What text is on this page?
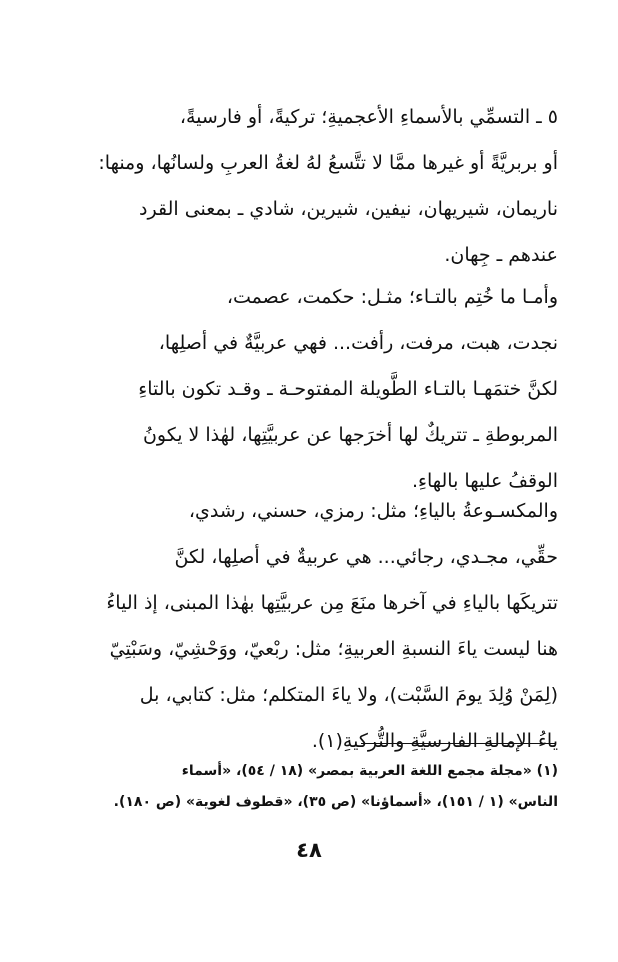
٥ ـ التسمِّي بالأسماءِ الأعجميةِ؛ تركيةً، أو فارسيةً،
أو بربريَّةً أو غيرها ممَّا لا تتَّسعُ لهُ لغةُ العربِ ولسانُها، ومنها:
ناريمان، شيريهان، نيفين، شيرين، شادي ـ بمعنى القرد
عندهم ـ جِهان.
وأمـا ما خُتِم بالتـاء؛ مثـل: حكمت، عصمت،
نجدت، هبت، مرفت، رأفت... فهي عربيَّةٌ في أصلِها،
لكنَّ ختمَهـا بالتـاء الطَّويلة المفتوحـة ـ وقـد تكون بالتاءِ
المربوطةِ ـ تتريكٌ لها أخرَجها عن عربيَّتِها، لهٰذا لا يكونُ
الوقفُ عليها بالهاءِ.
والمكسـوعةُ بالياءِ؛ مثل: رمزي، حسني، رشدي،
حقِّي، مجـدي، رجائي... هي عربيةٌ في أصلِها، لكنَّ
تتريكَها بالياءِ في آخرها منَعَ مِن عربيَّتِها بهٰذا المبنى، إذ الياءُ
هنا ليست ياءَ النسبةِ العربيةِ؛ مثل: ربْعيّ، ووَحْشِيّ، وسَبْتِيّ
(لِمَنْ وُلِدَ يومَ السَّبْت)، ولا ياءَ المتكلم؛ مثل: كتابي، بل
ياءُ الإمالةِ الفارسيَّةِ والتُّركيةِ(١).
(١) «مجلة مجمع اللغة العربية بمصر» (١٨ / ٥٤)، «أسماء
الناس» (١ / ١٥١)، «أسماؤنا» (ص ٣٥)، «قطوف لغوية» (ص ١٨٠).
٤٨
